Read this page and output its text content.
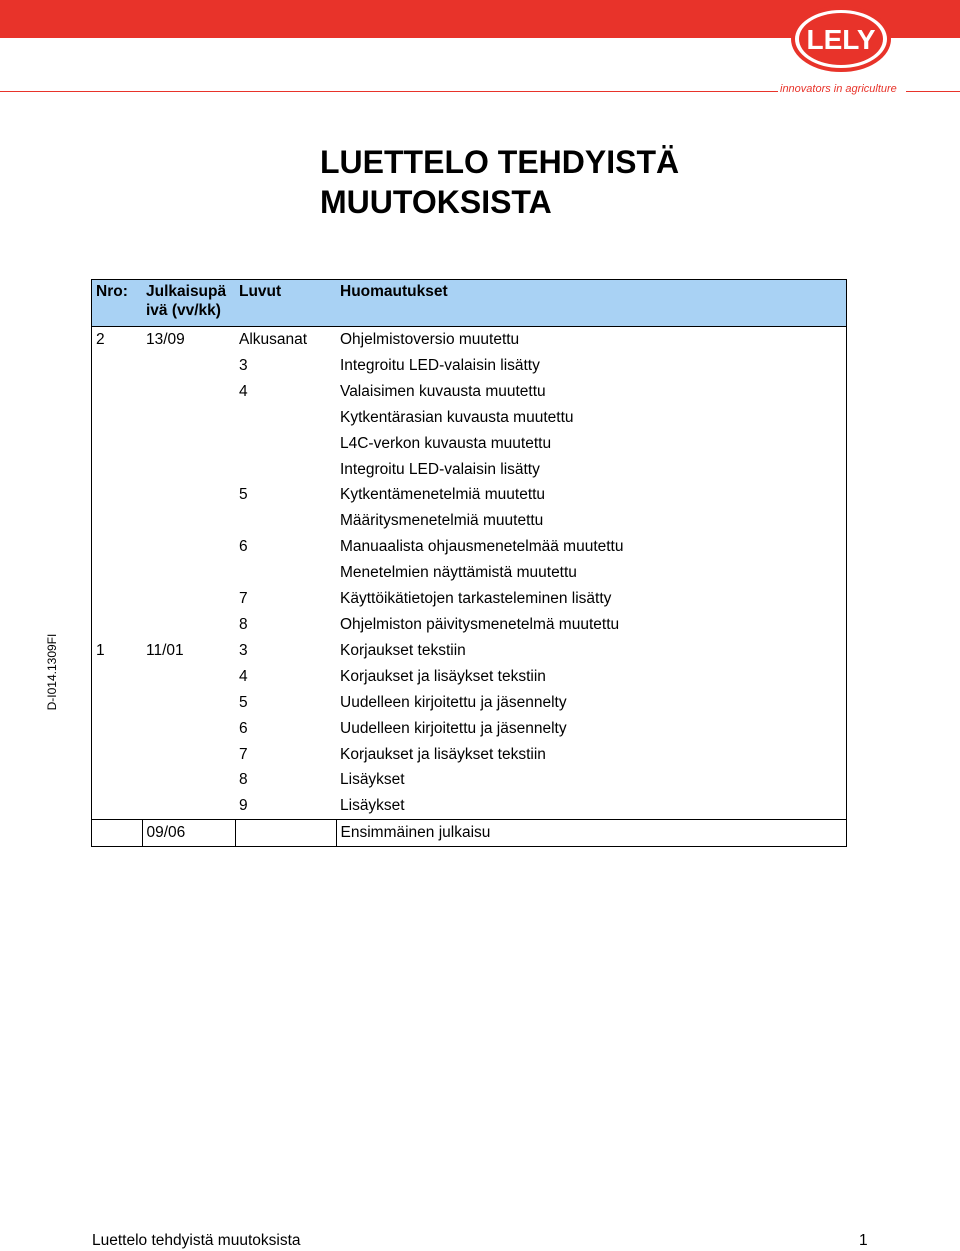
LELY
innovators in agriculture
LUETTELO TEHDYISTÄ MUUTOKSISTA
D-I014.1309FI
Nro:	Julkaisupä ivä (vv/kk)	Luvut	Huomautukset
2	13/09	Alkusanat	Ohjelmistoversio muutettu
		3	Integroitu LED-valaisin lisätty
		4	Valaisimen kuvausta muutettu
			Kytkentärasian kuvausta muutettu
			L4C-verkon kuvausta muutettu
			Integroitu LED-valaisin lisätty
		5	Kytkentämenetelmiä muutettu
			Määritysmenetelmiä muutettu
		6	Manuaalista ohjausmenetelmää muutettu
			Menetelmien näyttämistä muutettu
		7	Käyttöikätietojen tarkasteleminen lisätty
		8	Ohjelmiston päivitysmenetelmä muutettu
1	11/01	3	Korjaukset tekstiin
		4	Korjaukset ja lisäykset tekstiin
		5	Uudelleen kirjoitettu ja jäsennelty
		6	Uudelleen kirjoitettu ja jäsennelty
		7	Korjaukset ja lisäykset tekstiin
		8	Lisäykset
		9	Lisäykset
	09/06		Ensimmäinen julkaisu
Luettelo tehdyistä muutoksista	1
